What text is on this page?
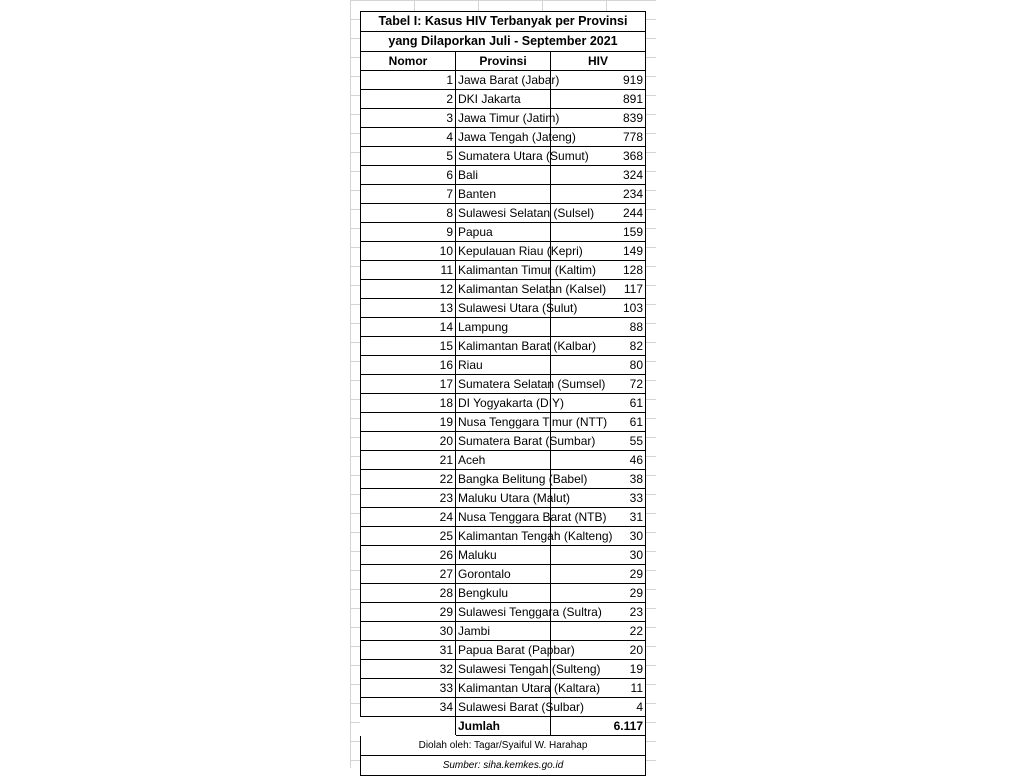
Tabel I: Kasus HIV Terbanyak per Provinsi		
yang Dilaporkan Juli - September 2021		
Nomor	Provinsi	HIV
1	Jawa Barat (Jabar)	919
2	DKI Jakarta	891
3	Jawa Timur (Jatim)	839
4	Jawa Tengah (Jateng)	778
5	Sumatera Utara (Sumut)	368
6	Bali	324
7	Banten	234
8	Sulawesi Selatan (Sulsel)	244
9	Papua	159
10	Kepulauan Riau (Kepri)	149
11	Kalimantan Timur (Kaltim)	128
12	Kalimantan Selatan (Kalsel)	117
13	Sulawesi Utara (Sulut)	103
14	Lampung	88
15	Kalimantan Barat (Kalbar)	82
16	Riau	80
17	Sumatera Selatan (Sumsel)	72
18	DI Yogyakarta (DIY)	61
19	Nusa Tenggara Timur (NTT)	61
20	Sumatera Barat (Sumbar)	55
21	Aceh	46
22	Bangka Belitung (Babel)	38
23	Maluku Utara (Malut)	33
24	Nusa Tenggara Barat (NTB)	31
25	Kalimantan Tengah (Kalteng)	30
26	Maluku	30
27	Gorontalo	29
28	Bengkulu	29
29	Sulawesi Tenggara (Sultra)	23
30	Jambi	22
31	Papua Barat (Papbar)	20
32	Sulawesi Tengah (Sulteng)	19
33	Kalimantan Utara (Kaltara)	11
34	Sulawesi Barat (Sulbar)	4
	Jumlah	6.117
Diolah oleh: Tagar/Syaiful W. Harahap		
Sumber: siha.kemkes.go.id		
